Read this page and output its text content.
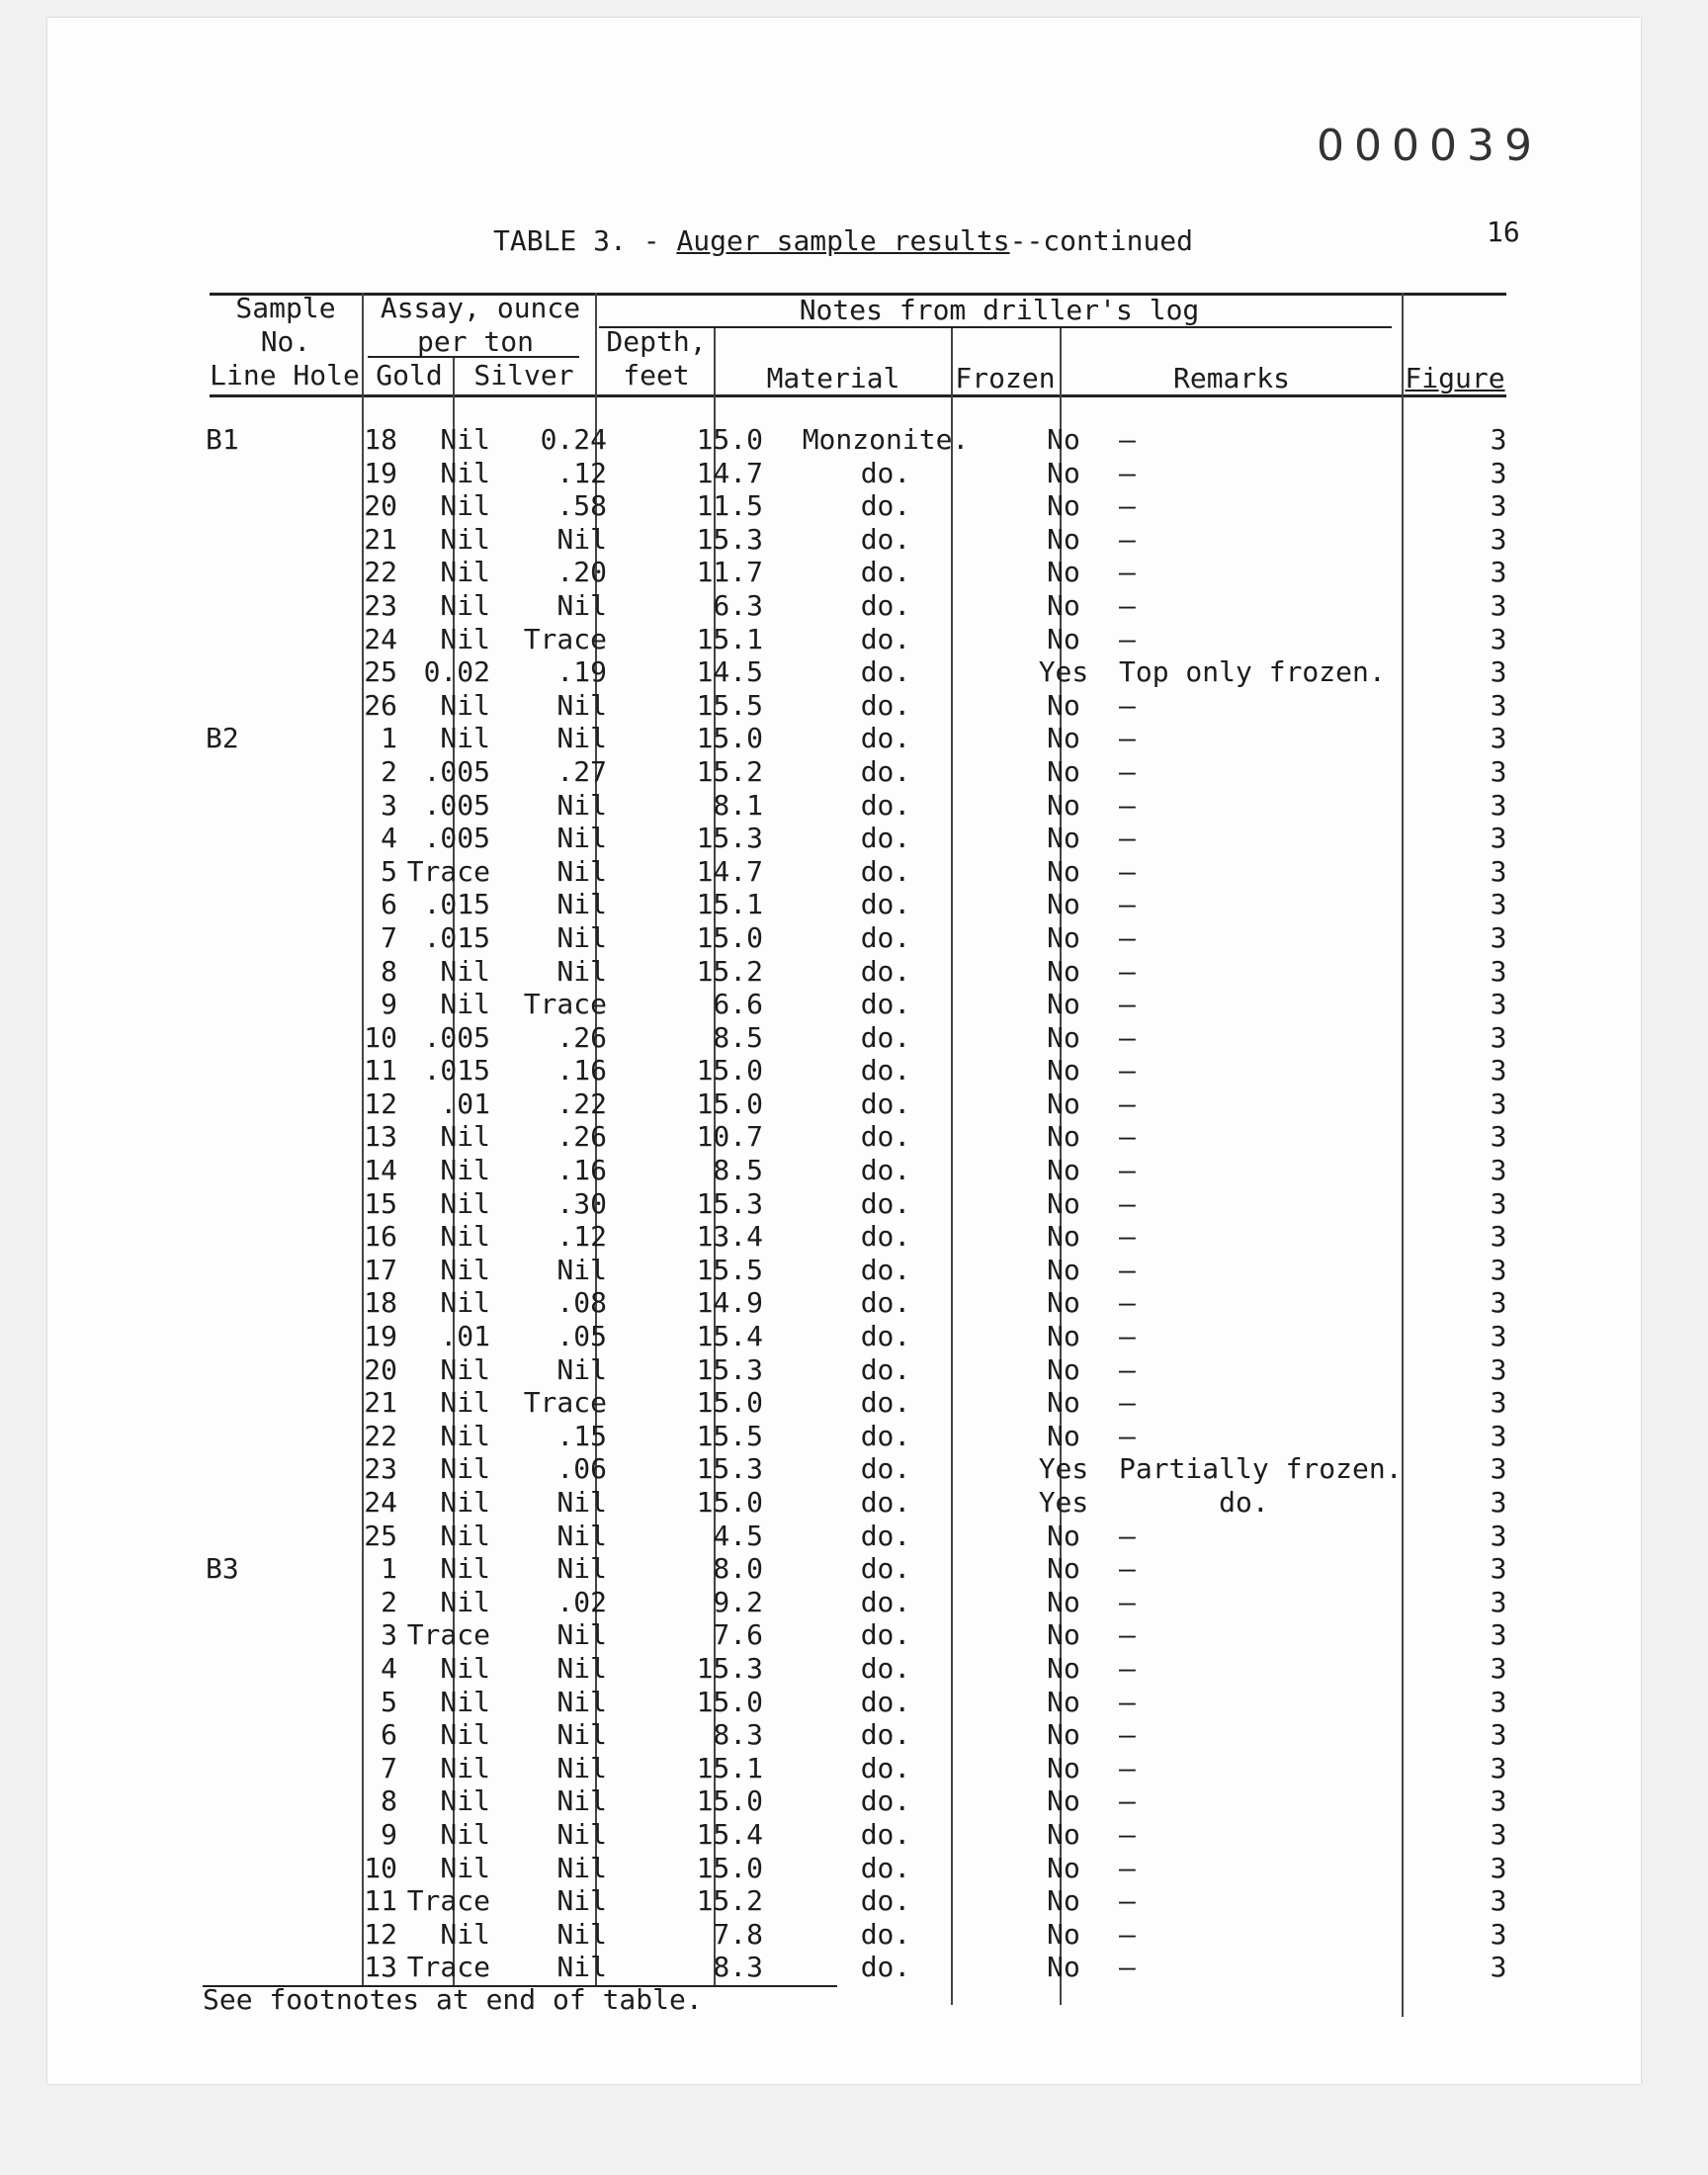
000039
16
TABLE 3. - Auger sample results--continued
Sample
No.
Line Hole
Assay, ounce
per ton
Gold	Silver
Notes from driller's log
Depth,
feet	Material	Frozen	Remarks	Figure
B1	18	Nil	0.24	15.0	Monzonite.	No	–	3
	19	Nil	.12	14.7	do.	No	–	3
	20	Nil	.58	11.5	do.	No	–	3
	21	Nil	Nil	15.3	do.	No	–	3
	22	Nil	.20	11.7	do.	No	–	3
	23	Nil	Nil	6.3	do.	No	–	3
	24	Nil	Trace	15.1	do.	No	–	3
	25	0.02	.19	14.5	do.	Yes	Top only frozen.	3
	26	Nil	Nil	15.5	do.	No	–	3
B2	1	Nil	Nil	15.0	do.	No	–	3
	2	.005	.27	15.2	do.	No	–	3
	3	.005	Nil	8.1	do.	No	–	3
	4	.005	Nil	15.3	do.	No	–	3
	5	Trace	Nil	14.7	do.	No	–	3
	6	.015	Nil	15.1	do.	No	–	3
	7	.015	Nil	15.0	do.	No	–	3
	8	Nil	Nil	15.2	do.	No	–	3
	9	Nil	Trace	6.6	do.	No	–	3
	10	.005	.26	8.5	do.	No	–	3
	11	.015	.16	15.0	do.	No	–	3
	12	.01	.22	15.0	do.	No	–	3
	13	Nil	.26	10.7	do.	No	–	3
	14	Nil	.16	8.5	do.	No	–	3
	15	Nil	.30	15.3	do.	No	–	3
	16	Nil	.12	13.4	do.	No	–	3
	17	Nil	Nil	15.5	do.	No	–	3
	18	Nil	.08	14.9	do.	No	–	3
	19	.01	.05	15.4	do.	No	–	3
	20	Nil	Nil	15.3	do.	No	–	3
	21	Nil	Trace	15.0	do.	No	–	3
	22	Nil	.15	15.5	do.	No	–	3
	23	Nil	.06	15.3	do.	Yes	Partially frozen.	3
	24	Nil	Nil	15.0	do.	Yes	do.	3
	25	Nil	Nil	4.5	do.	No	–	3
B3	1	Nil	Nil	8.0	do.	No	–	3
	2	Nil	.02	9.2	do.	No	–	3
	3	Trace	Nil	7.6	do.	No	–	3
	4	Nil	Nil	15.3	do.	No	–	3
	5	Nil	Nil	15.0	do.	No	–	3
	6	Nil	Nil	8.3	do.	No	–	3
	7	Nil	Nil	15.1	do.	No	–	3
	8	Nil	Nil	15.0	do.	No	–	3
	9	Nil	Nil	15.4	do.	No	–	3
	10	Nil	Nil	15.0	do.	No	–	3
	11	Trace	Nil	15.2	do.	No	–	3
	12	Nil	Nil	7.8	do.	No	–	3
	13	Trace	Nil	8.3	do.	No	–	3
See footnotes at end of table.
